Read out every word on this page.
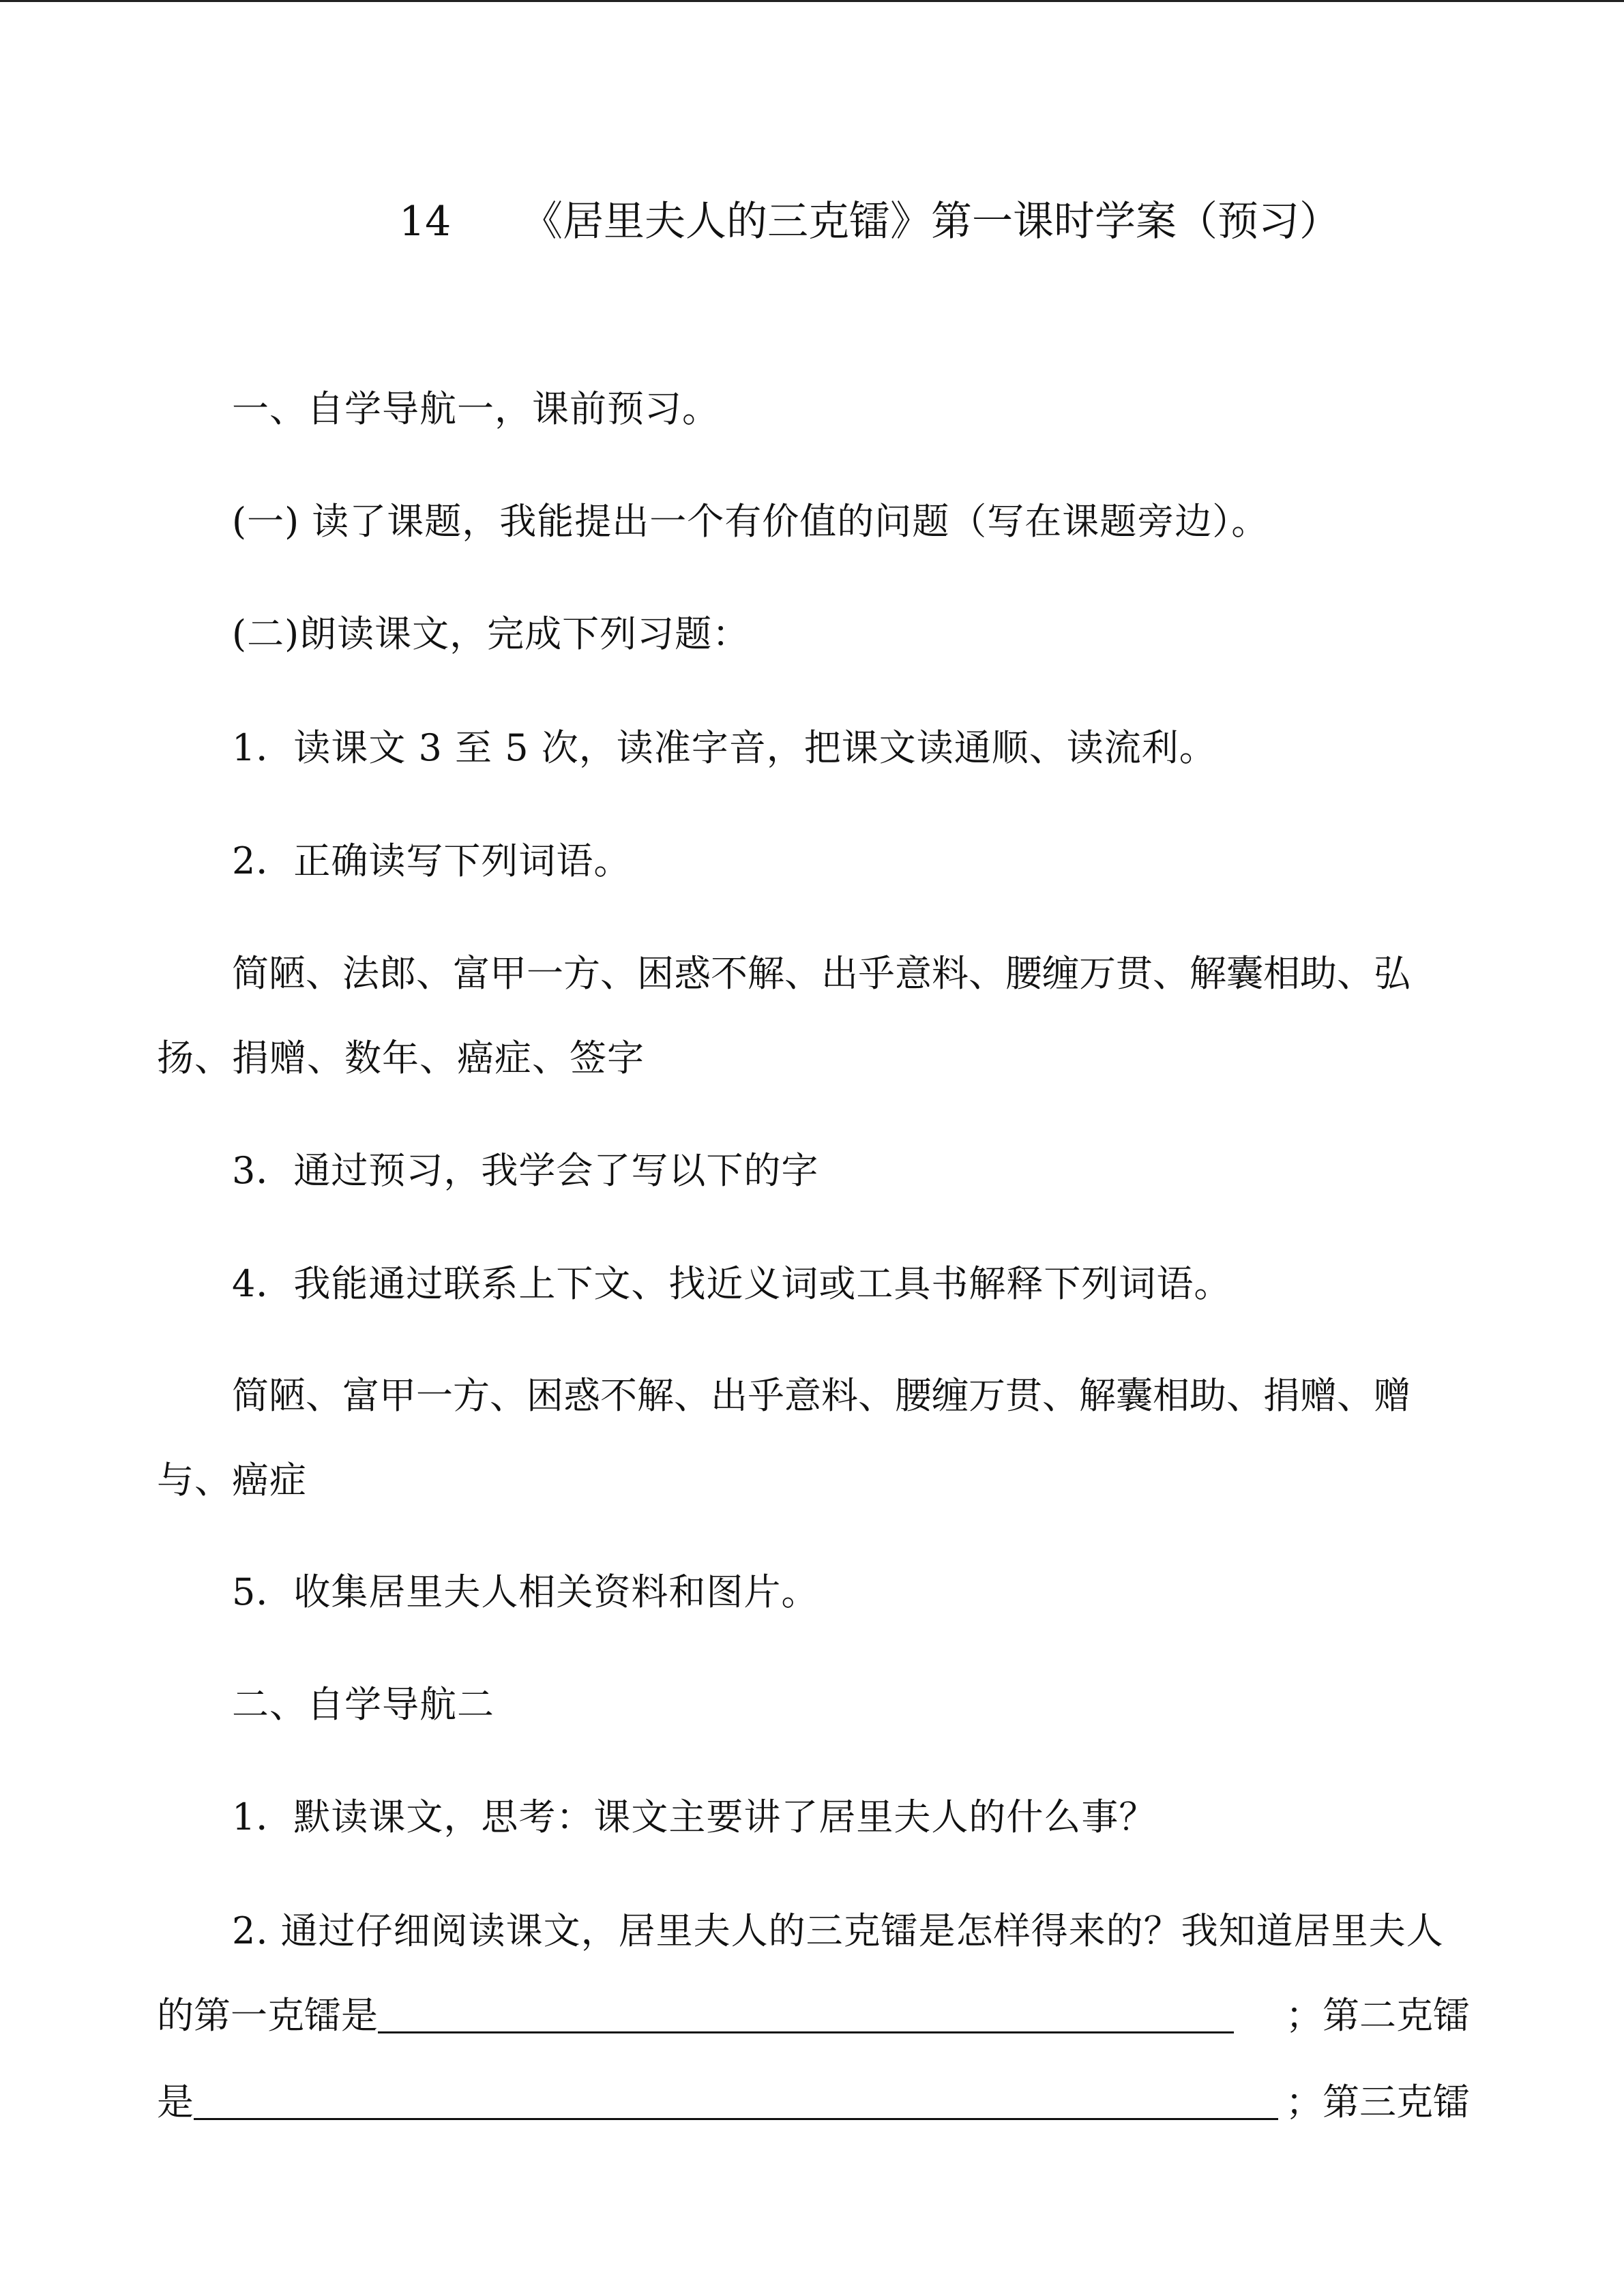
14 《居里夫人的三克镭》第一课时学案（预习）
一、自学导航一，课前预习。
(一) 读了课题，我能提出一个有价值的问题（写在课题旁边）。
(二)朗读课文，完成下列习题：
1．读课文 3 至 5 次，读准字音，把课文读通顺、读流利。
2．正确读写下列词语。
简陋、法郎、富甲一方、困惑不解、出乎意料、腰缠万贯、解囊相助、弘
扬、捐赠、数年、癌症、签字
3．通过预习，我学会了写以下的字
4．我能通过联系上下文、找近义词或工具书解释下列词语。
简陋、富甲一方、困惑不解、出乎意料、腰缠万贯、解囊相助、捐赠、赠
与、癌症
5．收集居里夫人相关资料和图片。
二、自学导航二
1．默读课文，思考：课文主要讲了居里夫人的什么事？
2. 通过仔细阅读课文，居里夫人的三克镭是怎样得来的？我知道居里夫人
的第一克镭是	；第二克镭
是	；第三克镭
